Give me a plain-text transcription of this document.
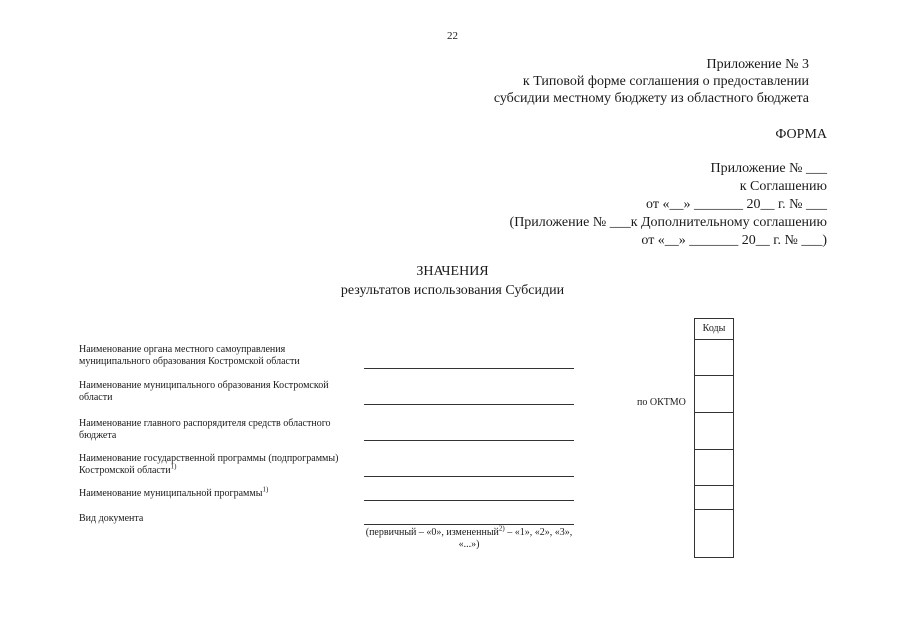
22
Приложение № 3
к Типовой форме соглашения о предоставлении
субсидии местному бюджету из областного бюджета
ФОРМА
Приложение № ___
к Соглашению
от «__» _______ 20__ г. № ___
(Приложение № ___к Дополнительному соглашению
от «__» _______ 20__ г. № ___)
ЗНАЧЕНИЯ
результатов использования Субсидии
Наименование органа местного самоуправления муниципального образования Костромской области
Наименование муниципального образования Костромской области
Наименование главного распорядителя средств областного бюджета
Наименование государственной программы (подпрограммы) Костромской области$^{1)}$
Наименование муниципальной программы$^{1)}$
Вид документа
(первичный – «0», измененный$^{2)}$ – «1», «2», «3», «...»)
по ОКТМО
Коды
